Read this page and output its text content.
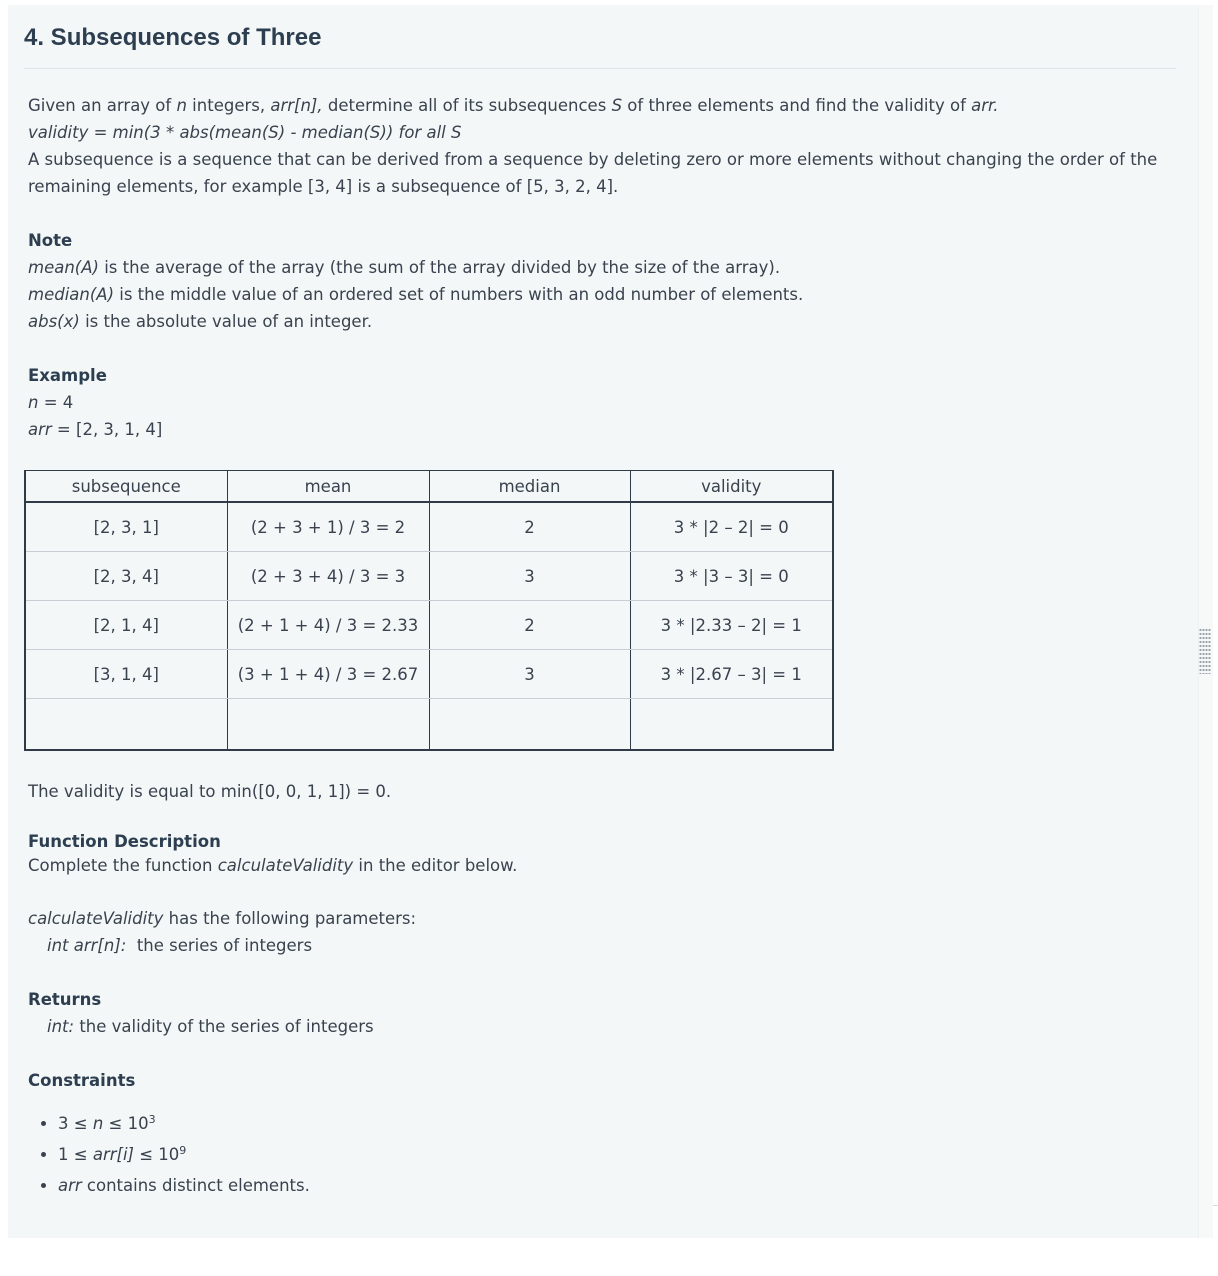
4. Subsequences of Three

Given an array of n integers, arr[n], determine all of its subsequences S of three elements and find the validity of arr.

validity = min(3 * abs(mean(S) - median(S)) for all S

A subsequence is a sequence that can be derived from a sequence by deleting zero or more elements without changing the order of the remaining elements, for example [3, 4] is a subsequence of [5, 3, 2, 4].

Note

mean(A) is the average of the array (the sum of the array divided by the size of the array).

median(A) is the middle value of an ordered set of numbers with an odd number of elements.

abs(x) is the absolute value of an integer.

Example

n = 4

arr = [2, 3, 1, 4]

subsequence	mean	median	validity
[2, 3, 1]	(2 + 3 + 1) / 3 = 2	2	3 * |2 – 2| = 0
[2, 3, 4]	(2 + 3 + 4) / 3 = 3	3	3 * |3 – 3| = 0
[2, 1, 4]	(2 + 1 + 4) / 3 = 2.33	2	3 * |2.33 – 2| = 1
[3, 1, 4]	(3 + 1 + 4) / 3 = 2.67	3	3 * |2.67 – 3| = 1

The validity is equal to min([0, 0, 1, 1]) = 0.

Function Description

Complete the function calculateValidity in the editor below.

calculateValidity has the following parameters:

int arr[n]:  the series of integers

Returns

int: the validity of the series of integers

Constraints

• $3 \le n \le 10^3$
• $1 \le arr[i] \le 10^9$
• arr contains distinct elements.
